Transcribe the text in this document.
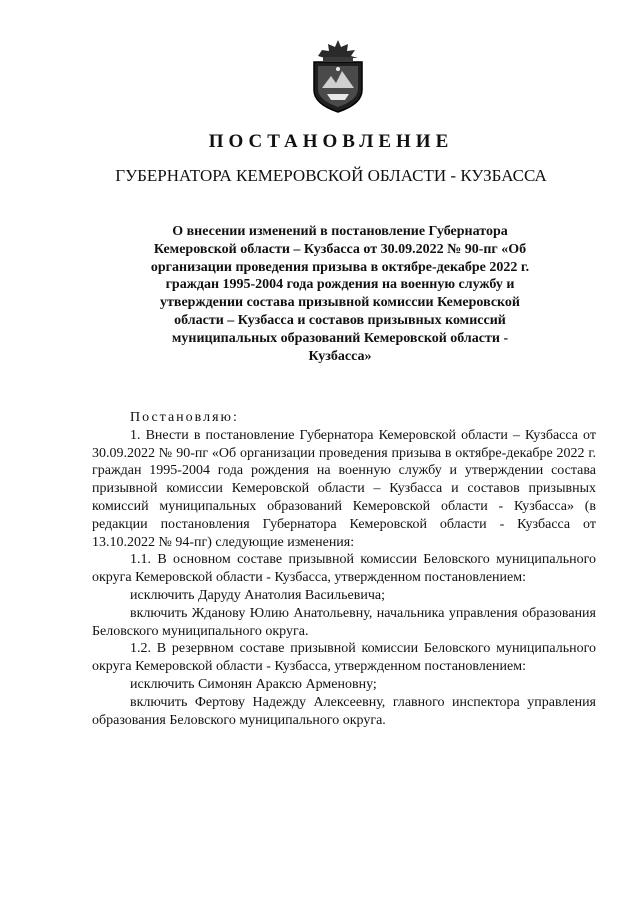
ПОСТАНОВЛЕНИЕ
ГУБЕРНАТОРА КЕМЕРОВСКОЙ ОБЛАСТИ - КУЗБАССА
О внесении изменений в постановление Губернатора Кемеровской области – Кузбасса от 30.09.2022 № 90-пг «Об организации проведения призыва в октябре-декабре 2022 г. граждан 1995-2004 года рождения на военную службу и утверждении состава призывной комиссии Кемеровской области – Кузбасса и составов призывных комиссий муниципальных образований Кемеровской области - Кузбасса»

Постановляю:

1. Внести в постановление Губернатора Кемеровской области – Кузбасса от 30.09.2022 № 90-пг «Об организации проведения призыва в октябре-декабре 2022 г. граждан 1995-2004 года рождения на военную службу и утверждении состава призывной комиссии Кемеровской области – Кузбасса и составов призывных комиссий муниципальных образований Кемеровской области - Кузбасса» (в редакции постановления Губернатора Кемеровской области - Кузбасса от 13.10.2022 № 94-пг) следующие изменения:

1.1. В основном составе призывной комиссии Беловского муниципального округа Кемеровской области - Кузбасса, утвержденном постановлением:

исключить Даруду Анатолия Васильевича;

включить Жданову Юлию Анатольевну, начальника управления образования Беловского муниципального округа.

1.2. В резервном составе призывной комиссии Беловского муниципального округа Кемеровской области - Кузбасса, утвержденном постановлением:

исключить Симонян Араксю Арменовну;

включить Фертову Надежду Алексеевну, главного инспектора управления образования Беловского муниципального округа.
